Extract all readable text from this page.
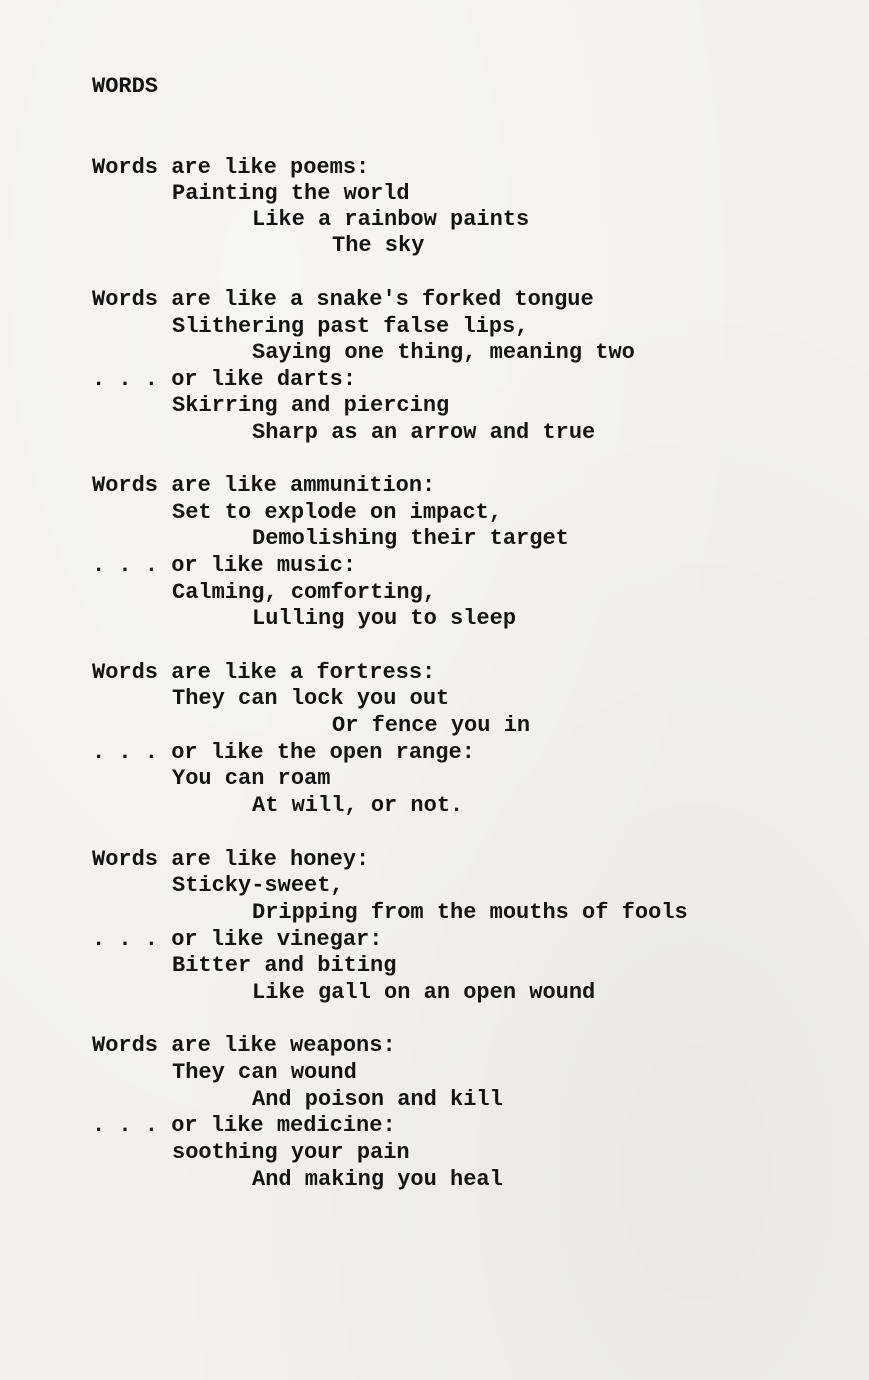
WORDS

Words are like poems:

Painting the world

Like a rainbow paints

The sky

Words are like a snake's forked tongue

Slithering past false lips,

Saying one thing, meaning two

. . . or like darts:

Skirring and piercing

Sharp as an arrow and true

Words are like ammunition:

Set to explode on impact,

Demolishing their target

. . . or like music:

Calming, comforting,

Lulling you to sleep

Words are like a fortress:

They can lock you out

Or fence you in

. . . or like the open range:

You can roam

At will, or not.

Words are like honey:

Sticky-sweet,

Dripping from the mouths of fools

. . . or like vinegar:

Bitter and biting

Like gall on an open wound

Words are like weapons:

They can wound

And poison and kill

. . . or like medicine:

soothing your pain

And making you heal
